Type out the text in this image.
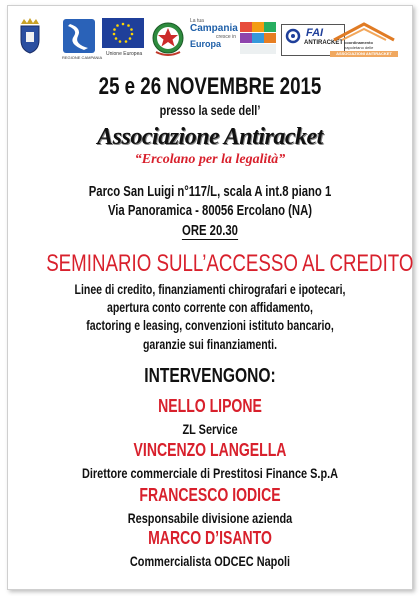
REGIONE CAMPANIA
Unione Europea
La tua
Campania
cresce in
Europa
FAI
ANTIRACKET coordinamento
napoletano delle
ASSOCIAZIONI ANTIRACKET
25 e 26 NOVEMBRE 2015
presso la sede dell’
Associazione Antiracket
“Ercolano per la legalità”
Parco San Luigi n°117/L, scala A int.8 piano 1
Via Panoramica - 80056 Ercolano (NA)
ORE 20.30
SEMINARIO SULL’ACCESSO AL CREDITO
Linee di credito, finanziamenti chirografari e ipotecari,
apertura conto corrente con affidamento,
factoring e leasing, convenzioni istituto bancario,
garanzie sui finanziamenti.
INTERVENGONO:
NELLO LIPONE
ZL Service
VINCENZO LANGELLA
Direttore commerciale di Prestitosi Finance S.p.A
FRANCESCO IODICE
Responsabile divisione azienda
MARCO D’ISANTO
Commercialista ODCEC Napoli
